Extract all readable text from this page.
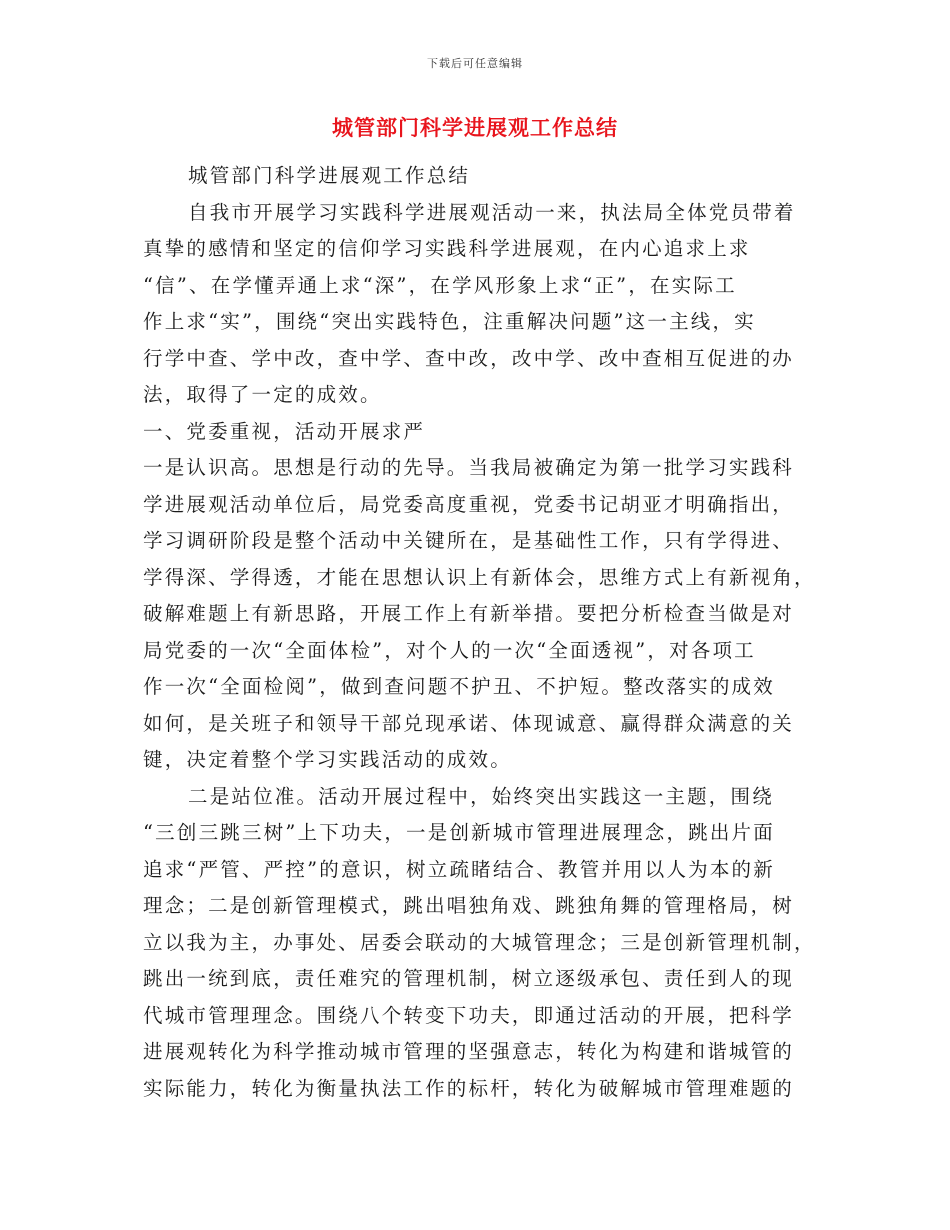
下载后可任意编辑
城管部门科学进展观工作总结
城管部门科学进展观工作总结
自我市开展学习实践科学进展观活动一来，执法局全体党员带着
真挚的感情和坚定的信仰学习实践科学进展观，在内心追求上求
“信”、在学懂弄通上求“深”，在学风形象上求“正”，在实际工
作上求“实”，围绕“突出实践特色，注重解决问题”这一主线，实
行学中查、学中改，查中学、查中改，改中学、改中查相互促进的办
法，取得了一定的成效。
一、党委重视，活动开展求严
一是认识高。思想是行动的先导。当我局被确定为第一批学习实践科
学进展观活动单位后，局党委高度重视，党委书记胡亚才明确指出，
学习调研阶段是整个活动中关键所在，是基础性工作，只有学得进、
学得深、学得透，才能在思想认识上有新体会，思维方式上有新视角，
破解难题上有新思路，开展工作上有新举措。要把分析检查当做是对
局党委的一次“全面体检”，对个人的一次“全面透视”，对各项工
作一次“全面检阅”，做到查问题不护丑、不护短。整改落实的成效
如何，是关班子和领导干部兑现承诺、体现诚意、赢得群众满意的关
键，决定着整个学习实践活动的成效。
二是站位准。活动开展过程中，始终突出实践这一主题，围绕
“三创三跳三树”上下功夫，一是创新城市管理进展理念，跳出片面
追求“严管、严控”的意识，树立疏睹结合、教管并用以人为本的新
理念；二是创新管理模式，跳出唱独角戏、跳独角舞的管理格局，树
立以我为主，办事处、居委会联动的大城管理念；三是创新管理机制，
跳出一统到底，责任难究的管理机制，树立逐级承包、责任到人的现
代城市管理理念。围绕八个转变下功夫，即通过活动的开展，把科学
进展观转化为科学推动城市管理的坚强意志，转化为构建和谐城管的
实际能力，转化为衡量执法工作的标杆，转化为破解城市管理难题的
